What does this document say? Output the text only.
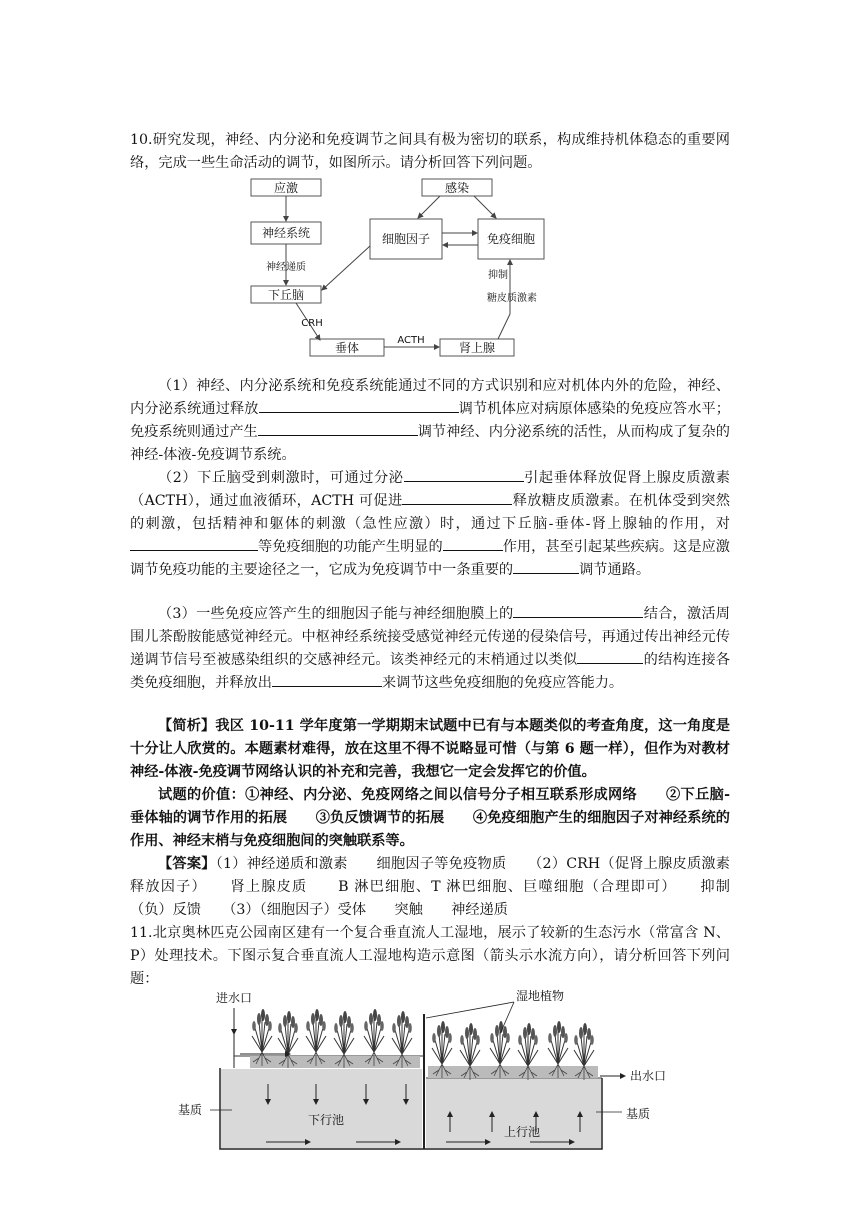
10.研究发现，神经、内分泌和免疫调节之间具有极为密切的联系，构成维持机体稳态的重要网络，完成一些生命活动的调节，如图所示。请分析回答下列问题。

应激	感染
神经系统	细胞因子	免疫细胞
神经递质
下丘脑
抑制
糖皮质激素
CRH
垂体
ACTH
肾上腺

（1）神经、内分泌系统和免疫系统能通过不同的方式识别和应对机体内外的危险，神经、内分泌系统通过释放	调节机体应对病原体感染的免疫应答水平；免疫系统则通过产生	调节神经、内分泌系统的活性，从而构成了复杂的神经-体液-免疫调节系统。

（2）下丘脑受到刺激时，可通过分泌	引起垂体释放促肾上腺皮质激素（ACTH），通过血液循环，ACTH 可促进	释放糖皮质激素。在机体受到突然的刺激，包括精神和躯体的刺激（急性应激）时，通过下丘脑-垂体-肾上腺轴的作用，对等免疫细胞的功能产生明显的	作用，甚至引起某些疾病。这是应激调节免疫功能的主要途径之一，它成为免疫调节中一条重要的	调节通路。

（3）一些免疫应答产生的细胞因子能与神经细胞膜上的	结合，激活周围儿茶酚胺能感觉神经元。中枢神经系统接受感觉神经元传递的侵染信号，再通过传出神经元传递调节信号至被感染组织的交感神经元。该类神经元的末梢通过以类似	的结构连接各类免疫细胞，并释放出	来调节这些免疫细胞的免疫应答能力。

【简析】我区 10-11 学年度第一学期期末试题中已有与本题类似的考查角度，这一角度是十分让人欣赏的。本题素材难得，放在这里不得不说略显可惜（与第 6 题一样），但作为对教材神经-体液-免疫调节网络认识的补充和完善，我想它一定会发挥它的价值。

试题的价值：①神经、内分泌、免疫网络之间以信号分子相互联系形成网络　　②下丘脑-垂体轴的调节作用的拓展　　③负反馈调节的拓展　　④免疫细胞产生的细胞因子对神经系统的作用、神经末梢与免疫细胞间的突触联系等。

【答案】（1）神经递质和激素　　细胞因子等免疫物质　　（2）CRH（促肾上腺皮质激素释放因子）　　肾上腺皮质　　B 淋巴细胞、T 淋巴细胞、巨噬细胞（合理即可）　　抑制　　（负）反馈　　（3）（细胞因子）受体　　突触　　神经递质

11.北京奥林匹克公园南区建有一个复合垂直流人工湿地，展示了较新的生态污水（常富含 N、P）处理技术。下图示复合垂直流人工湿地构造示意图（箭头示水流方向），请分析回答下列问题：

进水口	湿地植物
出水口
基质	基质
下行池
上行池
